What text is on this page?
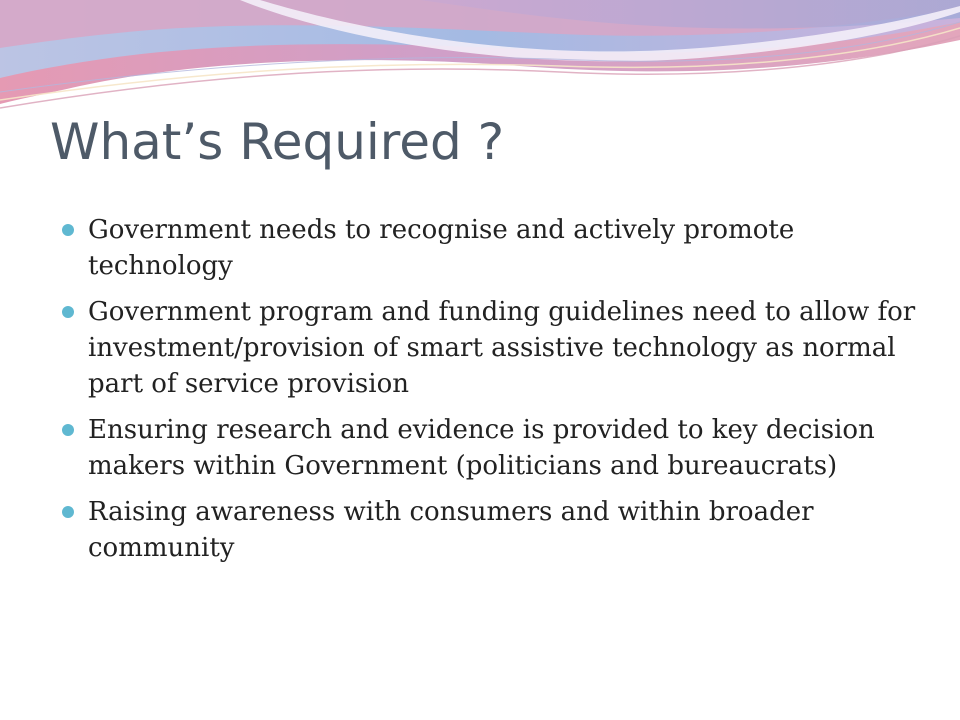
What’s Required ?
Government needs to recognise and actively promote technology
Government program and funding guidelines need to allow for investment/provision of smart assistive technology as normal part of service provision
Ensuring research and evidence is provided to key decision makers within Government (politicians and bureaucrats)
Raising awareness with consumers and within broader community
